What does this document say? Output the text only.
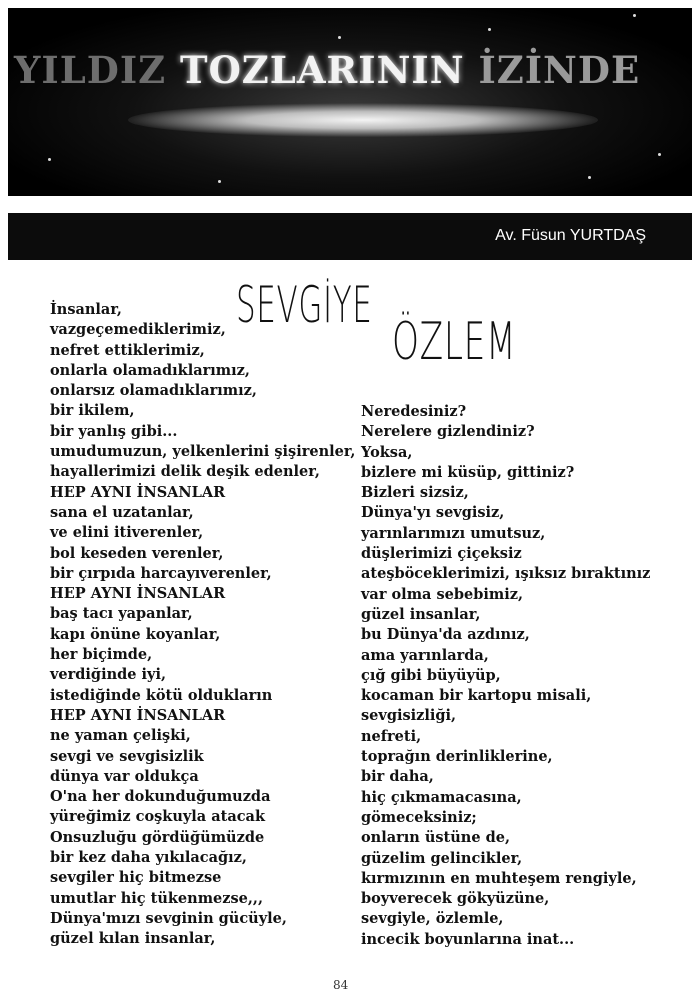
YILDIZ TOZLARININ İZİNDE
Av. Füsun YURTDAŞ
SEVGİYE
ÖZLEM
İnsanlar,
vazgeçemediklerimiz,
nefret ettiklerimiz,
onlarla olamadıklarımız,
onlarsız olamadıklarımız,
bir ikilem,
bir yanlış gibi...
umudumuzun, yelkenlerini şişirenler,
hayallerimizi delik deşik edenler,
HEP AYNI İNSANLAR
sana el uzatanlar,
ve elini itiverenler,
bol keseden verenler,
bir çırpıda harcayıverenler,
HEP AYNI İNSANLAR
baş tacı yapanlar,
kapı önüne koyanlar,
her biçimde,
verdiğinde iyi,
istediğinde kötü oldukların
HEP AYNI İNSANLAR
ne yaman çelişki,
sevgi ve sevgisizlik
dünya var oldukça
O'na her dokunduğumuzda
yüreğimiz coşkuyla atacak
Onsuzluğu gördüğümüzde
bir kez daha yıkılacağız,
sevgiler hiç bitmezse
umutlar hiç tükenmezse,,,
Dünya'mızı sevginin gücüyle,
güzel kılan insanlar,
Neredesiniz?
Nerelere gizlendiniz?
Yoksa,
bizlere mi küsüp, gittiniz?
Bizleri sizsiz,
Dünya'yı sevgisiz,
yarınlarımızı umutsuz,
düşlerimizi çiçeksiz
ateşböceklerimizi, ışıksız bıraktınız
var olma sebebimiz,
güzel insanlar,
bu Dünya'da azdınız,
ama yarınlarda,
çığ gibi büyüyüp,
kocaman bir kartopu misali,
sevgisizliği,
nefreti,
toprağın derinliklerine,
bir daha,
hiç çıkmamacasına,
gömeceksiniz;
onların üstüne de,
güzelim gelincikler,
kırmızının en muhteşem rengiyle,
boyverecek gökyüzüne,
sevgiyle, özlemle,
incecik boyunlarına inat...
84
